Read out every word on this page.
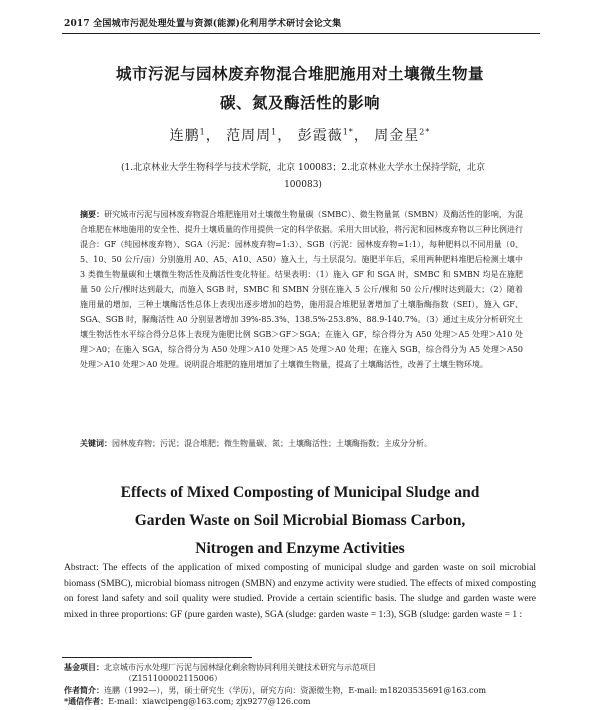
2017 全国城市污泥处理处置与资源(能源)化利用学术研讨会论文集
城市污泥与园林废弃物混合堆肥施用对土壤微生物量
碳、氮及酶活性的影响
连鹏$^1$， 范周周$^1$， 彭霞薇$^{1*}$， 周金星$^{2*}$
(1.北京林业大学生物科学与技术学院，北京 100083；2.北京林业大学水土保持学院，北京
100083)
摘要：研究城市污泥与园林废弃物混合堆肥施用对土壤微生物量碳（SMBC）、微生物量氮（SMBN）及酶活性的影响，为混合堆肥在林地施用的安全性、提升土壤质量的作用提供一定的科学依据。采用大田试验，将污泥和园林废弃物以三种比例进行混合：GF（纯园林废弃物）、SGA（污泥：园林废弃物=1:3）、SGB（污泥：园林废弃物=1:1），每种肥料以不同用量（0、5、10、50 公斤/亩）分别施用 A0、A5、A10、A50）施入土，与土层混匀。施肥半年后，采用两种肥料堆肥后检测土壤中 3 类微生物量碳和土壤微生物活性及酶活性变化特征。结果表明：（1）施入 GF 和 SGA 时，SMBC 和 SMBN 均是在施肥量 50 公斤/棵时达到最大，而施入 SGB 时，SMBC 和 SMBN 分别在施入 5 公斤/棵和 50 公斤/棵时达到最大；（2）随着施用量的增加，三种土壤酶活性总体上表现出逐步增加的趋势，施用混合堆肥显著增加了土壤脂酶指数（SEI），施入 GF、SGA、SGB 时，脲酶活性 A0 分别显著增加 39%-85.3%、138.5%-253.8%、88.9-140.7%。（3）通过主成分分析研究土壤生物活性水平综合得分总体上表现为施肥比例 SGB＞GF＞SGA；在施入 GF，综合得分为 A50 处理＞A5 处理＞A10 处理＞A0；在施入 SGA，综合得分为 A50 处理＞A10 处理＞A5 处理＞A0 处理；在施入 SGB，综合得分为 A5 处理＞A50 处理＞A10 处理＞A0 处理。说明混合堆肥的施用增加了土壤微生物量，提高了土壤酶活性，改善了土壤生物环境。
关键词：园林废弃物；污泥；混合堆肥；微生物量碳、氮；土壤酶活性；土壤酶指数；主成分分析。
Effects of Mixed Composting of Municipal Sludge and
Garden Waste on Soil Microbial Biomass Carbon,
Nitrogen and Enzyme Activities
Abstract: The effects of the application of mixed composting of municipal sludge and garden waste on soil microbial biomass (SMBC), microbial biomass nitrogen (SMBN) and enzyme activity were studied. The effects of mixed composting on forest land safety and soil quality were studied. Provide a certain scientific basis. The sludge and garden waste were mixed in three proportions: GF (pure garden waste), SGA (sludge: garden waste = 1:3), SGB (sludge: garden waste = 1 :
基金项目：北京城市污水处理厂污泥与园林绿化剩余物协同利用关键技术研究与示范项目
（Z151100002115006）
作者简介：连鹏（1992—），男，硕士研究生（学历），研究方向：资源微生物，E-mail: m18203535691@163.com
*通信作者：E-mail：xiawcipeng@163.com; zjx9277@126.com
